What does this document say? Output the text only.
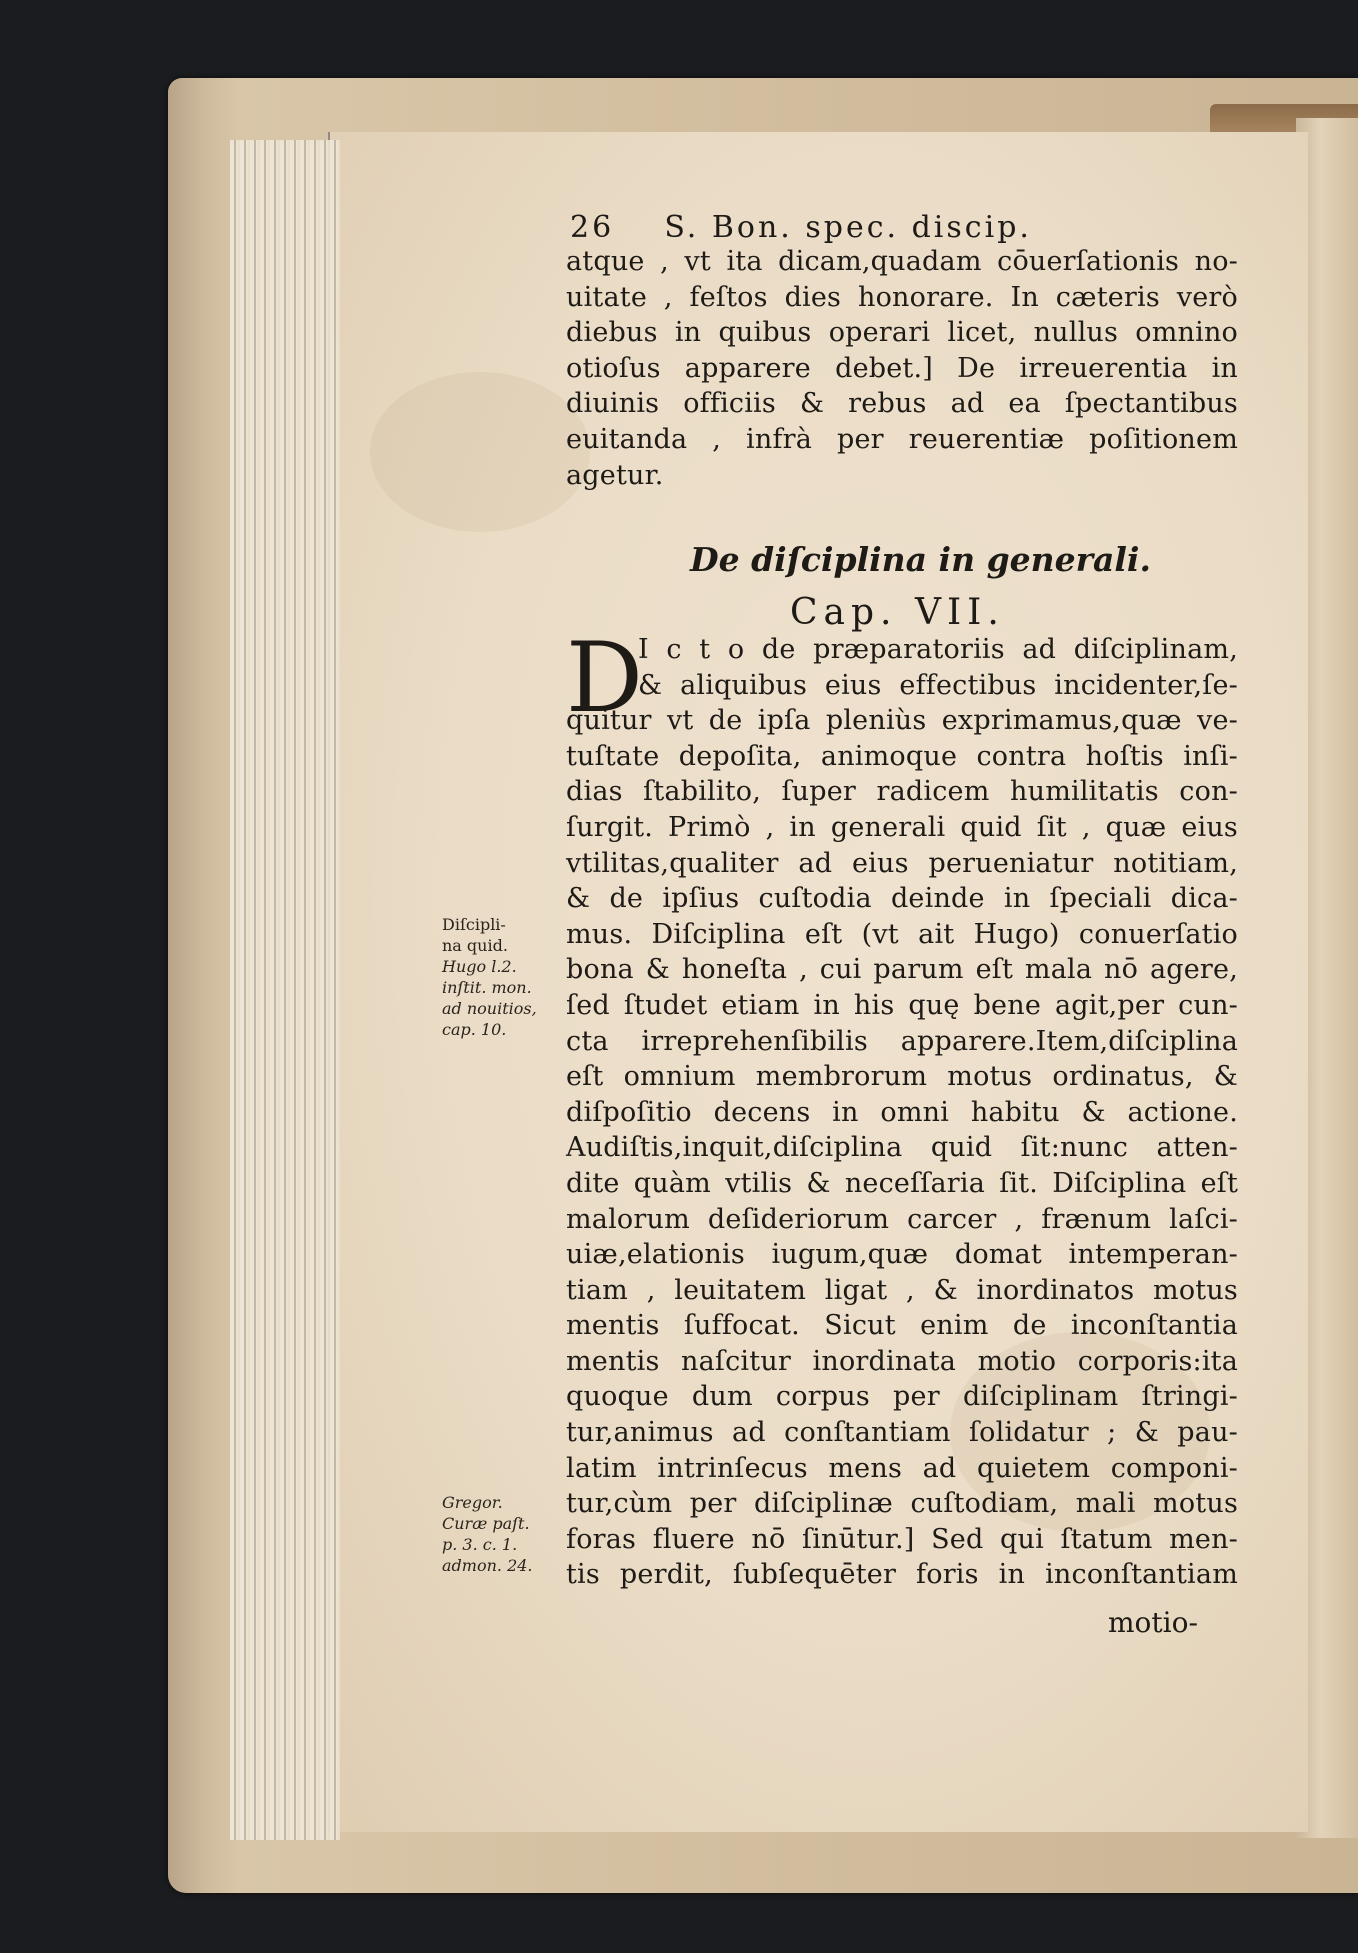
26    S. Bon. spec. discip.
atque , vt ita dicam,quadam cōuerſationis no-
uitate , feſtos dies honorare. In cæteris verò
diebus in quibus operari licet, nullus omnino
otioſus apparere debet.] De irreuerentia in
diuinis officiis & rebus ad ea ſpectantibus
euitanda , infrà per reuerentiæ poſitionem
agetur.
De diſciplina in generali.
Cap. VII.
D
I c t o de præparatoriis ad diſciplinam,
& aliquibus eius effectibus incidenter,ſe-
quitur vt de ipſa pleniùs exprimamus,quæ ve-
tuſtate depoſita, animoque contra hoſtis inſi-
dias ſtabilito, ſuper radicem humilitatis con-
ſurgit. Primò , in generali quid ſit , quæ eius
vtilitas,qualiter ad eius perueniatur notitiam,
& de ipſius cuſtodia deinde in ſpeciali dica-
mus. Diſciplina eſt (vt ait Hugo) conuerſatio
bona & honeſta , cui parum eſt mala nō agere,
ſed ſtudet etiam in his quę bene agit,per cun-
cta irreprehenſibilis apparere.Item,diſciplina
eſt omnium membrorum motus ordinatus, &
diſpoſitio decens in omni habitu & actione.
Audiſtis,inquit,diſciplina quid ſit:nunc atten-
dite quàm vtilis & neceſſaria ſit. Diſciplina eſt
malorum deſideriorum carcer , frænum laſci-
uiæ,elationis iugum,quæ domat intemperan-
tiam , leuitatem ligat , & inordinatos motus
mentis ſuffocat. Sicut enim de inconſtantia
mentis naſcitur inordinata motio corporis:ita
quoque dum corpus per diſciplinam ſtringi-
tur,animus ad conſtantiam ſolidatur ; & pau-
latim intrinſecus mens ad quietem componi-
tur,cùm per diſciplinæ cuſtodiam, mali motus
foras fluere nō ſinūtur.] Sed qui ſtatum men-
tis perdit, ſubſequēter foris in inconſtantiam
motio-
Diſcipli-
na quid.
Hugo l.2.
inſtit. mon.
ad nouitios,
cap. 10.
Gregor.
Curæ paſt.
p. 3. c. 1.
admon. 24.
